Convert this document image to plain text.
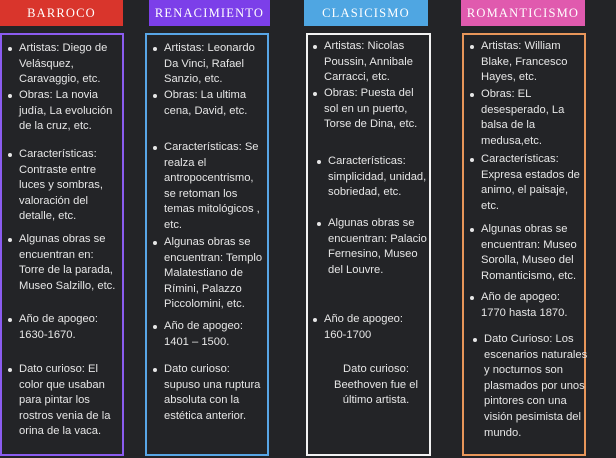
BARROCO
Artistas: Diego de Velásquez, Caravaggio, etc.
Obras: La novia judía, La evolución de la cruz, etc.
Características: Contraste entre luces y sombras, valoración del detalle, etc.
Algunas obras se encuentran en: Torre de la parada, Museo Salzillo, etc.
Año de apogeo: 1630-1670.
Dato curioso: El color que usaban para pintar los rostros venia de la orina de la vaca.
RENACIMIENTO
Artistas: Leonardo Da Vinci, Rafael Sanzio, etc.
Obras: La ultima cena, David, etc.
Características: Se realza el antropocentrismo, se retoman los temas mitológicos , etc.
Algunas obras se encuentran: Templo Malatestiano de Rímini, Palazzo Piccolomini, etc.
Año de apogeo: 1401 – 1500.
Dato curioso: supuso una ruptura absoluta con la estética anterior.
CLASICISMO
Artistas: Nicolas Poussin, Annibale Carracci, etc.
Obras: Puesta del sol en un puerto, Torse de Dina, etc.
Características: simplicidad, unidad, sobriedad, etc.
Algunas obras se encuentran: Palacio Fernesino, Museo del Louvre.
Año de apogeo: 160-1700
Dato curioso: Beethoven fue el último artista.
ROMANTICISMO
Artistas: William Blake, Francesco Hayes, etc.
Obras: EL desesperado, La balsa de la medusa,etc.
Características: Expresa estados de animo, el paisaje, etc.
Algunas obras se encuentran: Museo Sorolla, Museo del Romanticismo, etc.
Año de apogeo: 1770 hasta 1870.
Dato Curioso: Los escenarios naturales y nocturnos son plasmados por unos pintores con una visión pesimista del mundo.
